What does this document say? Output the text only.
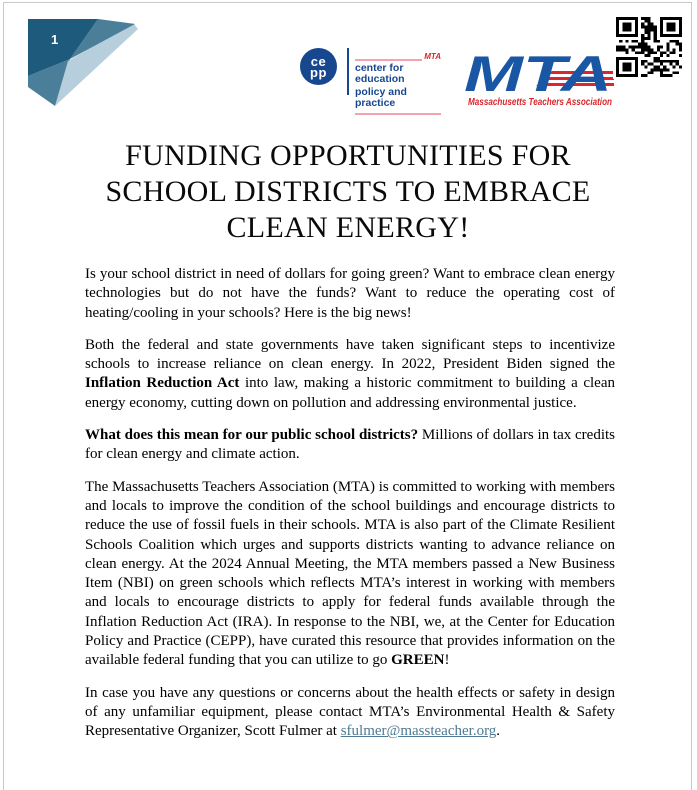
1
ce
pp
MTA
center for education
policy and practice
MTA
Massachusetts Teachers Association
FUNDING OPPORTUNITIES FOR
SCHOOL DISTRICTS TO EMBRACE
CLEAN ENERGY!

Is your school district in need of dollars for going green? Want to embrace clean energy technologies but do not have the funds? Want to reduce the operating cost of heating/cooling in your schools? Here is the big news!

Both the federal and state governments have taken significant steps to incentivize schools to increase reliance on clean energy. In 2022, President Biden signed the Inflation Reduction Act into law, making a historic commitment to building a clean energy economy, cutting down on pollution and addressing environmental justice.

What does this mean for our public school districts? Millions of dollars in tax credits for clean energy and climate action.

The Massachusetts Teachers Association (MTA) is committed to working with members and locals to improve the condition of the school buildings and encourage districts to reduce the use of fossil fuels in their schools. MTA is also part of the Climate Resilient Schools Coalition which urges and supports districts wanting to advance reliance on clean energy. At the 2024 Annual Meeting, the MTA members passed a New Business Item (NBI) on green schools which reflects MTA’s interest in working with members and locals to encourage districts to apply for federal funds available through the Inflation Reduction Act (IRA). In response to the NBI, we, at the Center for Education Policy and Practice (CEPP), have curated this resource that provides information on the available federal funding that you can utilize to go GREEN!

In case you have any questions or concerns about the health effects or safety in design of any unfamiliar equipment, please contact MTA’s Environmental Health & Safety Representative Organizer, Scott Fulmer at sfulmer@massteacher.org.
